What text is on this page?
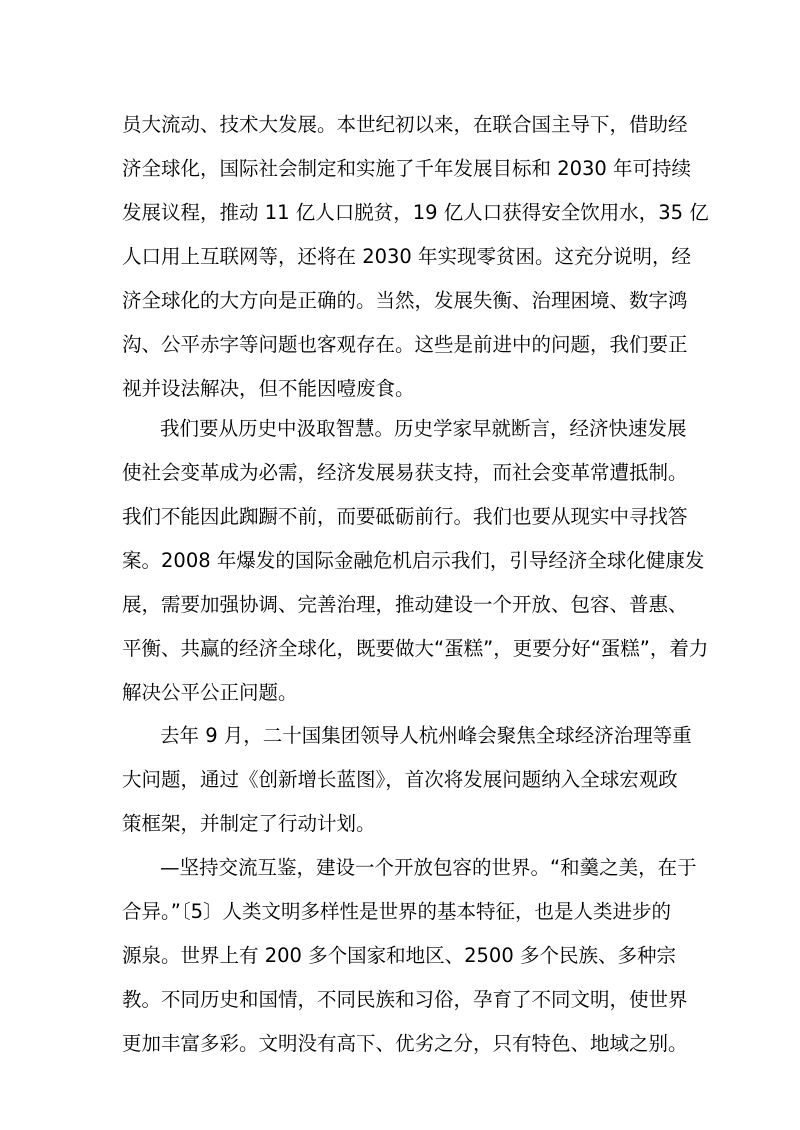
员大流动、技术大发展。本世纪初以来，在联合国主导下，借助经
济全球化，国际社会制定和实施了千年发展目标和 2030 年可持续
发展议程，推动 11 亿人口脱贫，19 亿人口获得安全饮用水，35 亿
人口用上互联网等，还将在 2030 年实现零贫困。这充分说明，经
济全球化的大方向是正确的。当然，发展失衡、治理困境、数字鸿
沟、公平赤字等问题也客观存在。这些是前进中的问题，我们要正
视并设法解决，但不能因噎废食。
我们要从历史中汲取智慧。历史学家早就断言，经济快速发展
使社会变革成为必需，经济发展易获支持，而社会变革常遭抵制。
我们不能因此踟蹰不前，而要砥砺前行。我们也要从现实中寻找答
案。2008 年爆发的国际金融危机启示我们，引导经济全球化健康发
展，需要加强协调、完善治理，推动建设一个开放、包容、普惠、
平衡、共赢的经济全球化，既要做大“蛋糕”，更要分好“蛋糕”，着力
解决公平公正问题。
去年 9 月，二十国集团领导人杭州峰会聚焦全球经济治理等重
大问题，通过《创新增长蓝图》，首次将发展问题纳入全球宏观政
策框架，并制定了行动计划。
—坚持交流互鉴，建设一个开放包容的世界。“和羹之美，在于
合异。”〔5〕人类文明多样性是世界的基本特征，也是人类进步的
源泉。世界上有 200 多个国家和地区、2500 多个民族、多种宗
教。不同历史和国情，不同民族和习俗，孕育了不同文明，使世界
更加丰富多彩。文明没有高下、优劣之分，只有特色、地域之别。
